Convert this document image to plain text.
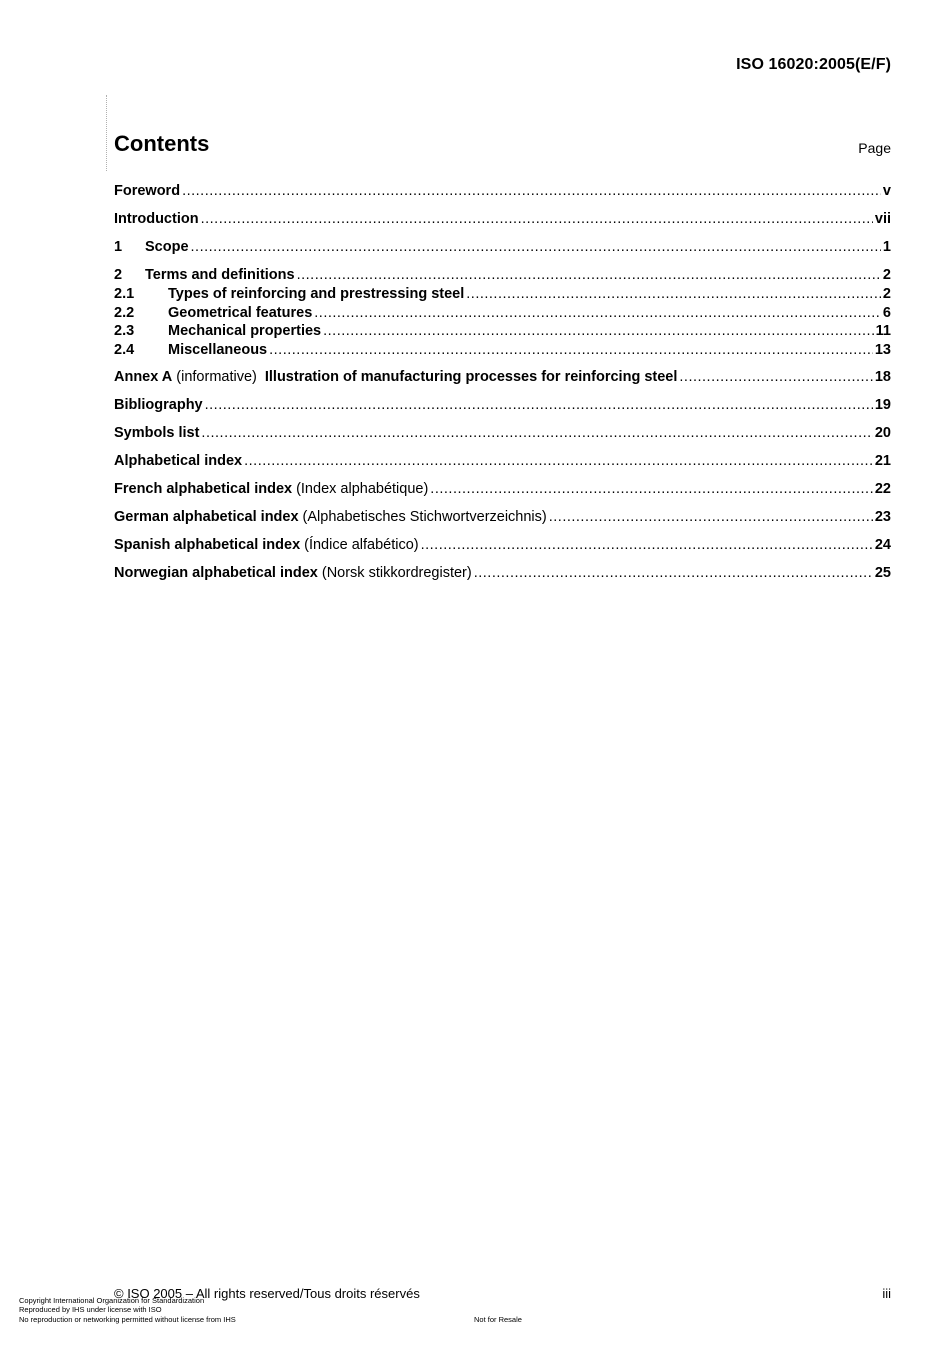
ISO 16020:2005(E/F)
Contents	Page
Foreword .....	v
Introduction .....	vii
1	Scope .....	1
2	Terms and definitions .....	2
2.1	Types of reinforcing and prestressing steel .....	2
2.2	Geometrical features .....	6
2.3	Mechanical properties .....	11
2.4	Miscellaneous .....	13
Annex A (informative) Illustration of manufacturing processes for reinforcing steel .....	18
Bibliography .....	19
Symbols list .....	20
Alphabetical index .....	21
French alphabetical index (Index alphabétique) .....	22
German alphabetical index (Alphabetisches Stichwortverzeichnis) .....	23
Spanish alphabetical index (Índice alfabético) .....	24
Norwegian alphabetical index (Norsk stikkordregister) .....	25
© ISO 2005 – All rights reserved/Tous droits réservés	iii
Copyright International Organization for Standardization
Reproduced by IHS under license with ISO
No reproduction or networking permitted without license from IHS	Not for Resale
